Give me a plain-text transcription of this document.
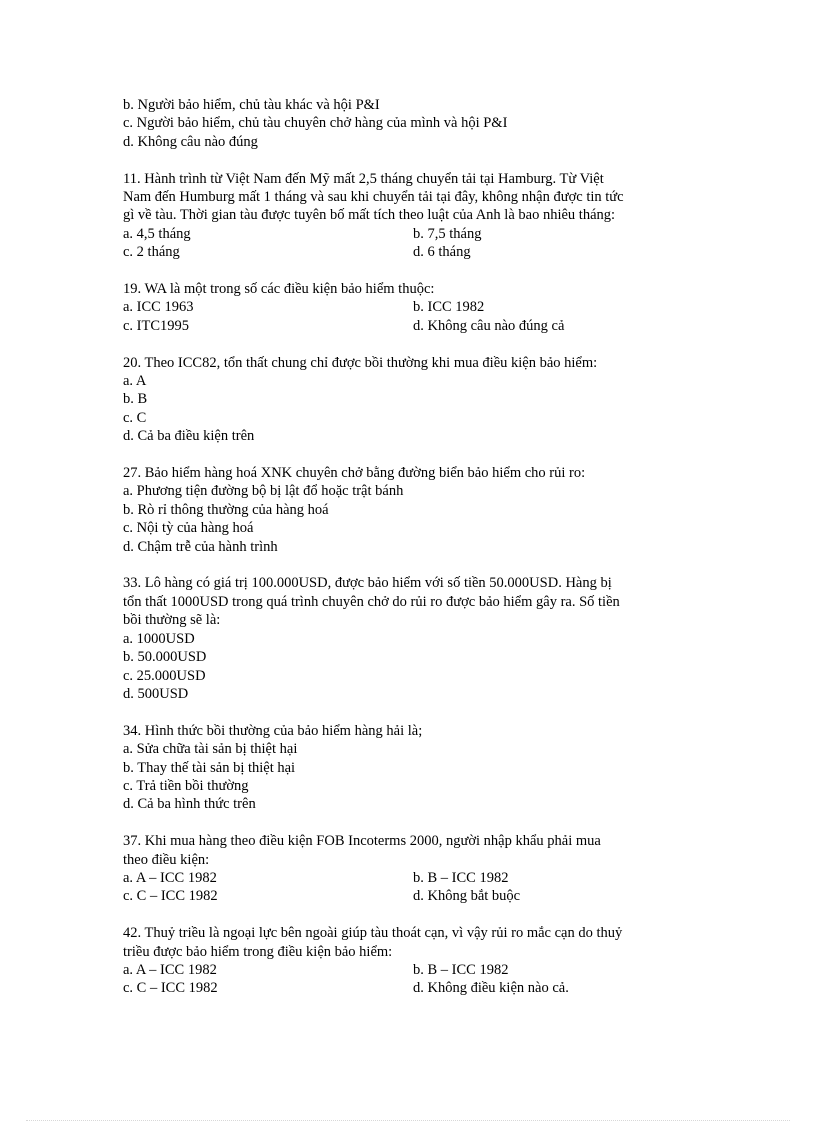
b. Người bảo hiểm, chủ tàu khác và hội P&I
c. Người bảo hiểm, chủ tàu chuyên chở hàng của mình và hội P&I
d. Không câu nào đúng
11. Hành trình từ Việt Nam đến Mỹ mất 2,5 tháng chuyển tải tại Hamburg. Từ Việt
Nam đến Humburg mất 1 tháng và sau khi chuyển tải tại đây, không nhận được tin tức
gì về tàu. Thời gian tàu được tuyên bố mất tích theo luật của Anh là bao nhiêu tháng:
a. 4,5 tháng	b. 7,5 tháng
c. 2 tháng	d. 6 tháng
19. WA là một trong số các điều kiện bảo hiểm thuộc:
a. ICC 1963	b. ICC 1982
c. ITC1995	d. Không câu nào đúng cả
20. Theo ICC82, tổn thất chung chỉ được bồi thường khi mua điều kiện bảo hiểm:
a. A
b. B
c. C
d. Cả ba điều kiện trên
27. Bảo hiểm hàng hoá XNK chuyên chở bằng đường biển bảo hiểm cho rủi ro:
a. Phương tiện đường bộ bị lật đổ hoặc trật bánh
b. Rò rỉ thông thường của hàng hoá
c. Nội tỳ của hàng hoá
d. Chậm trễ của hành trình
33. Lô hàng có giá trị 100.000USD, được bảo hiểm với số tiền 50.000USD. Hàng bị
tổn thất 1000USD trong quá trình chuyên chở do rủi ro được bảo hiểm gây ra. Số tiền
bồi thường sẽ là:
a. 1000USD
b. 50.000USD
c. 25.000USD
d. 500USD
34. Hình thức bồi thường của bảo hiểm hàng hải là;
a. Sửa chữa tài sản bị thiệt hại
b. Thay thế tài sản bị thiệt hại
c. Trả tiền bồi thường
d. Cả ba hình thức trên
37. Khi mua hàng theo điều kiện FOB Incoterms 2000, người nhập khẩu phải mua
theo điều kiện:
a. A – ICC 1982	b. B – ICC 1982
c. C – ICC 1982	d. Không bắt buộc
42. Thuỷ triều là ngoại lực bên ngoài giúp tàu thoát cạn, vì vậy rủi ro mắc cạn do thuỷ
triều được bảo hiểm trong điều kiện bảo hiểm:
a. A – ICC 1982	b. B – ICC 1982
c. C – ICC 1982	d. Không điều kiện nào cả.
